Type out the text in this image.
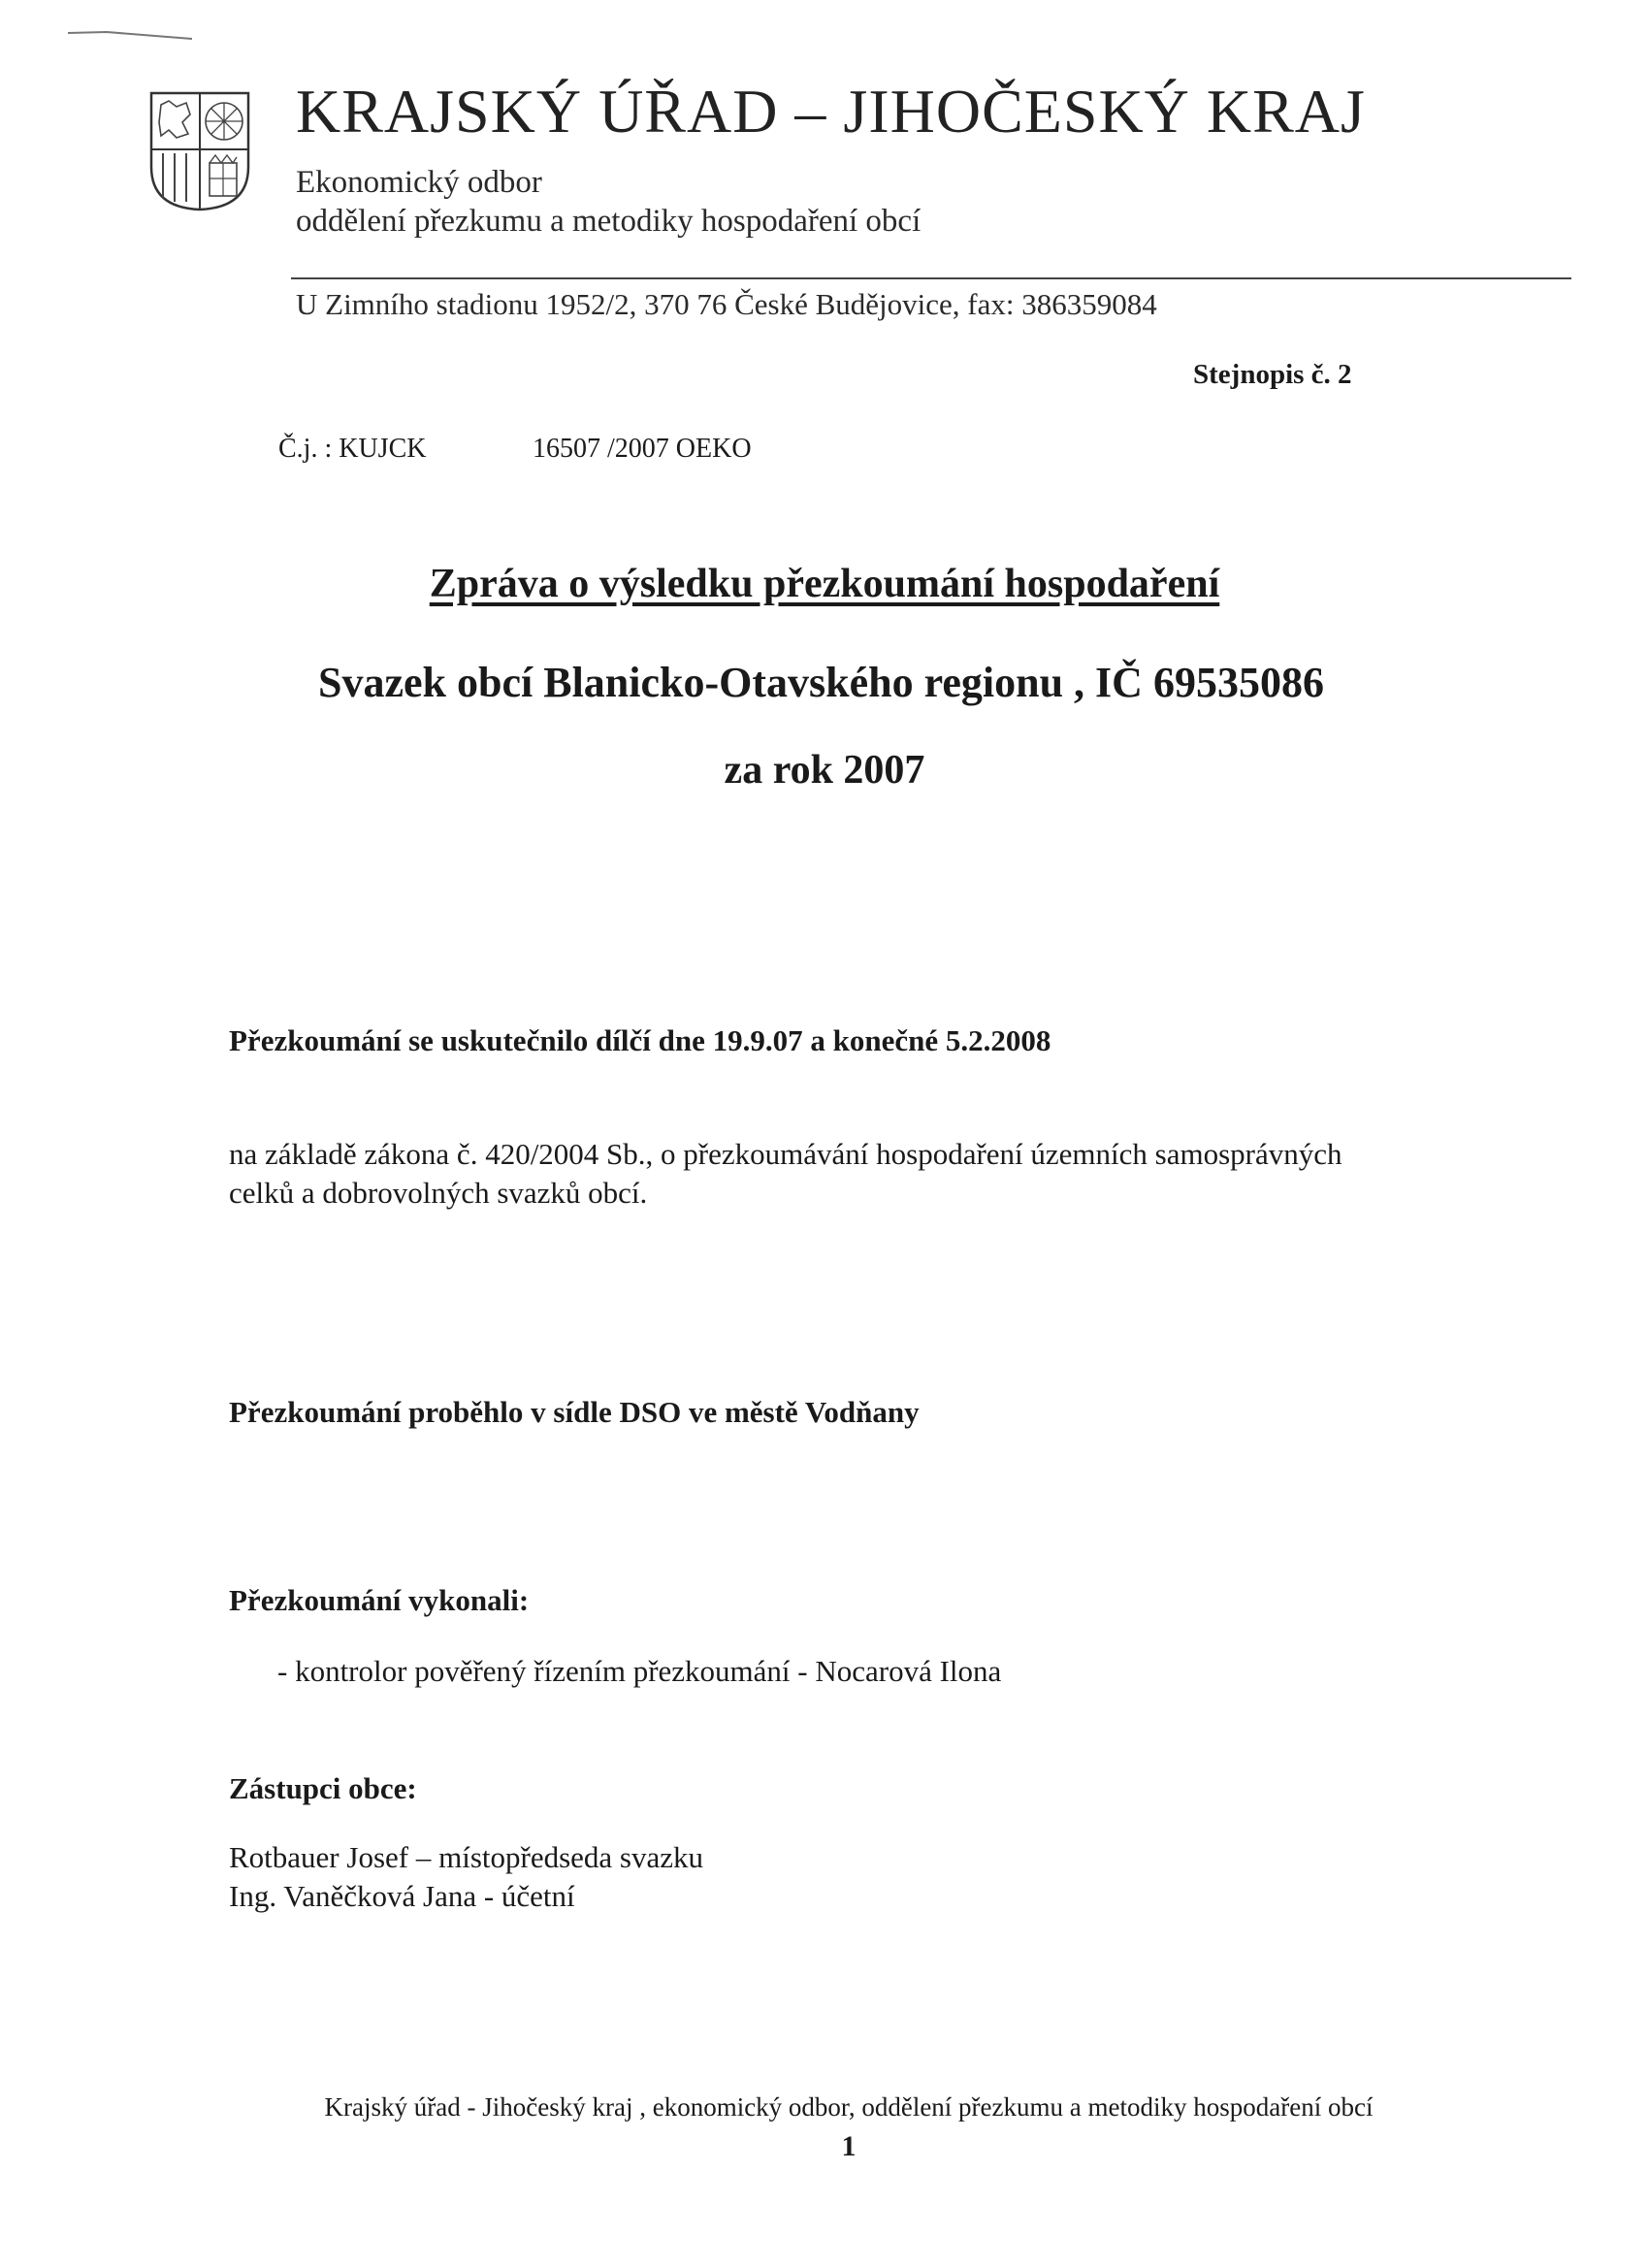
KRAJSKÝ ÚŘAD – JIHOČESKÝ KRAJ
Ekonomický odbor
oddělení přezkumu a metodiky hospodaření obcí
U Zimního stadionu 1952/2, 370 76 České Budějovice, fax: 386359084
Stejnopis č. 2
Č.j. : KUJCK	16507 /2007 OEKO
Zpráva o výsledku přezkoumání hospodaření
Svazek obcí Blanicko-Otavského regionu , IČ 69535086
za rok 2007
Přezkoumání se uskutečnilo dílčí dne 19.9.07 a konečné 5.2.2008
na základě zákona č. 420/2004 Sb., o přezkoumávání hospodaření územních samosprávných
celků a dobrovolných svazků obcí.
Přezkoumání proběhlo v sídle DSO ve městě Vodňany
Přezkoumání vykonali:
- kontrolor pověřený řízením přezkoumání - Nocarová Ilona
Zástupci obce:
Rotbauer Josef – místopředseda svazku
Ing. Vaněčková Jana - účetní
Krajský úřad - Jihočeský kraj , ekonomický odbor, oddělení přezkumu a metodiky hospodaření obcí
1
